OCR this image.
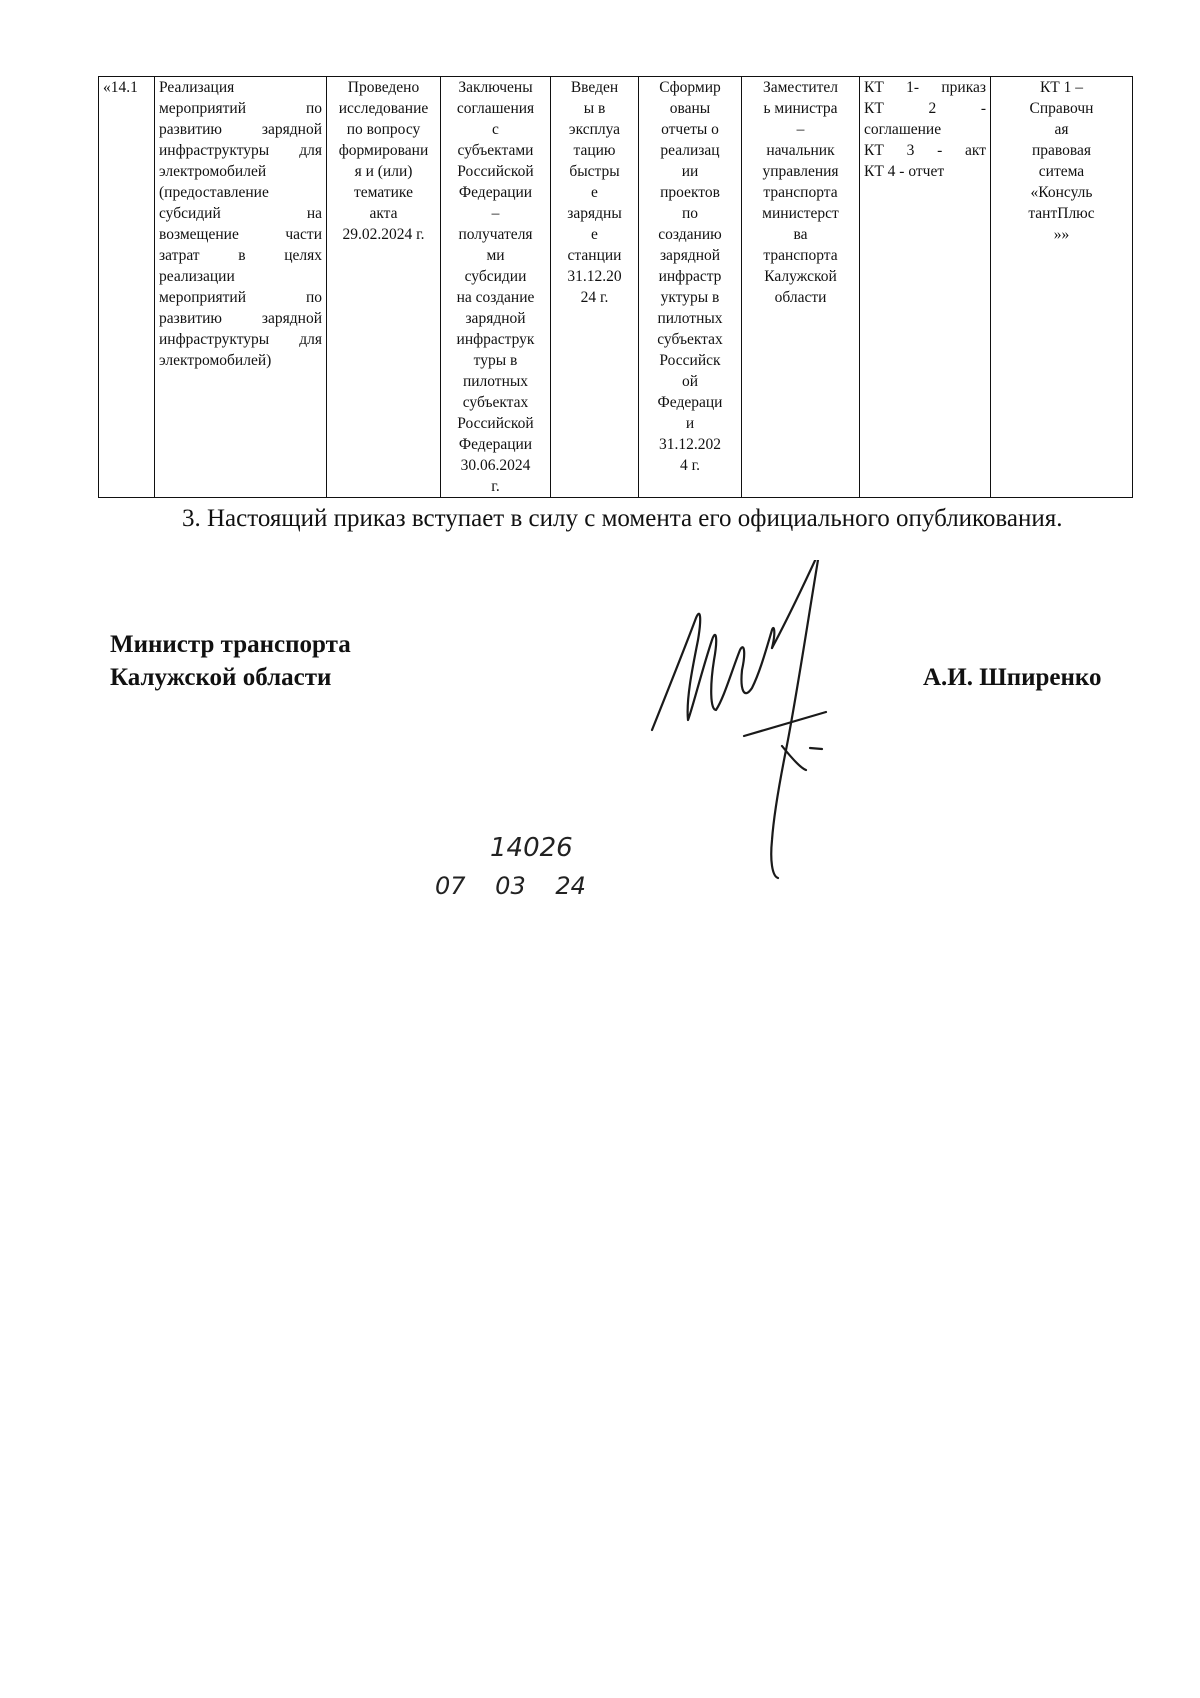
«14.1	Реализация
мероприятий по
развитию зарядной
инфраструктуры для
электромобилей
(предоставление
субсидий на
возмещение части
затрат в целях
реализации
мероприятий по
развитию зарядной
инфраструктуры для
электромобилей)

Проведено
исследование
по вопросу
формировани
я и (или)
тематике
акта
29.02.2024 г.

Заключены
соглашения
с
субъектами
Российской
Федерации
–
получателя
ми
субсидии
на создание
зарядной
инфраструк
туры в
пилотных
субъектах
Российской
Федерации
30.06.2024
г.

Введен
ы в
эксплуа
тацию
быстры
е
зарядны
е
станции
31.12.20
24 г.

Сформир
ованы
отчеты о
реализац
ии
проектов
по
созданию
зарядной
инфрастр
уктуры в
пилотных
субъектах
Российск
ой
Федераци
и
31.12.202
4 г.

Заместител
ь министра
–
начальник
управления
транспорта
министерст
ва
транспорта
Калужской
области

КТ 1- приказ
КТ 2 -
соглашение
КТ 3 - акт
КТ 4 - отчет

КТ 1 –
Справочн
ая
правовая
ситема
«Консуль
тантПлюс
»»

3. Настоящий приказ вступает в силу с момента его официального опубликования.

Министр транспорта
Калужской области	А.И. Шпиренко
14026
07 03 24
